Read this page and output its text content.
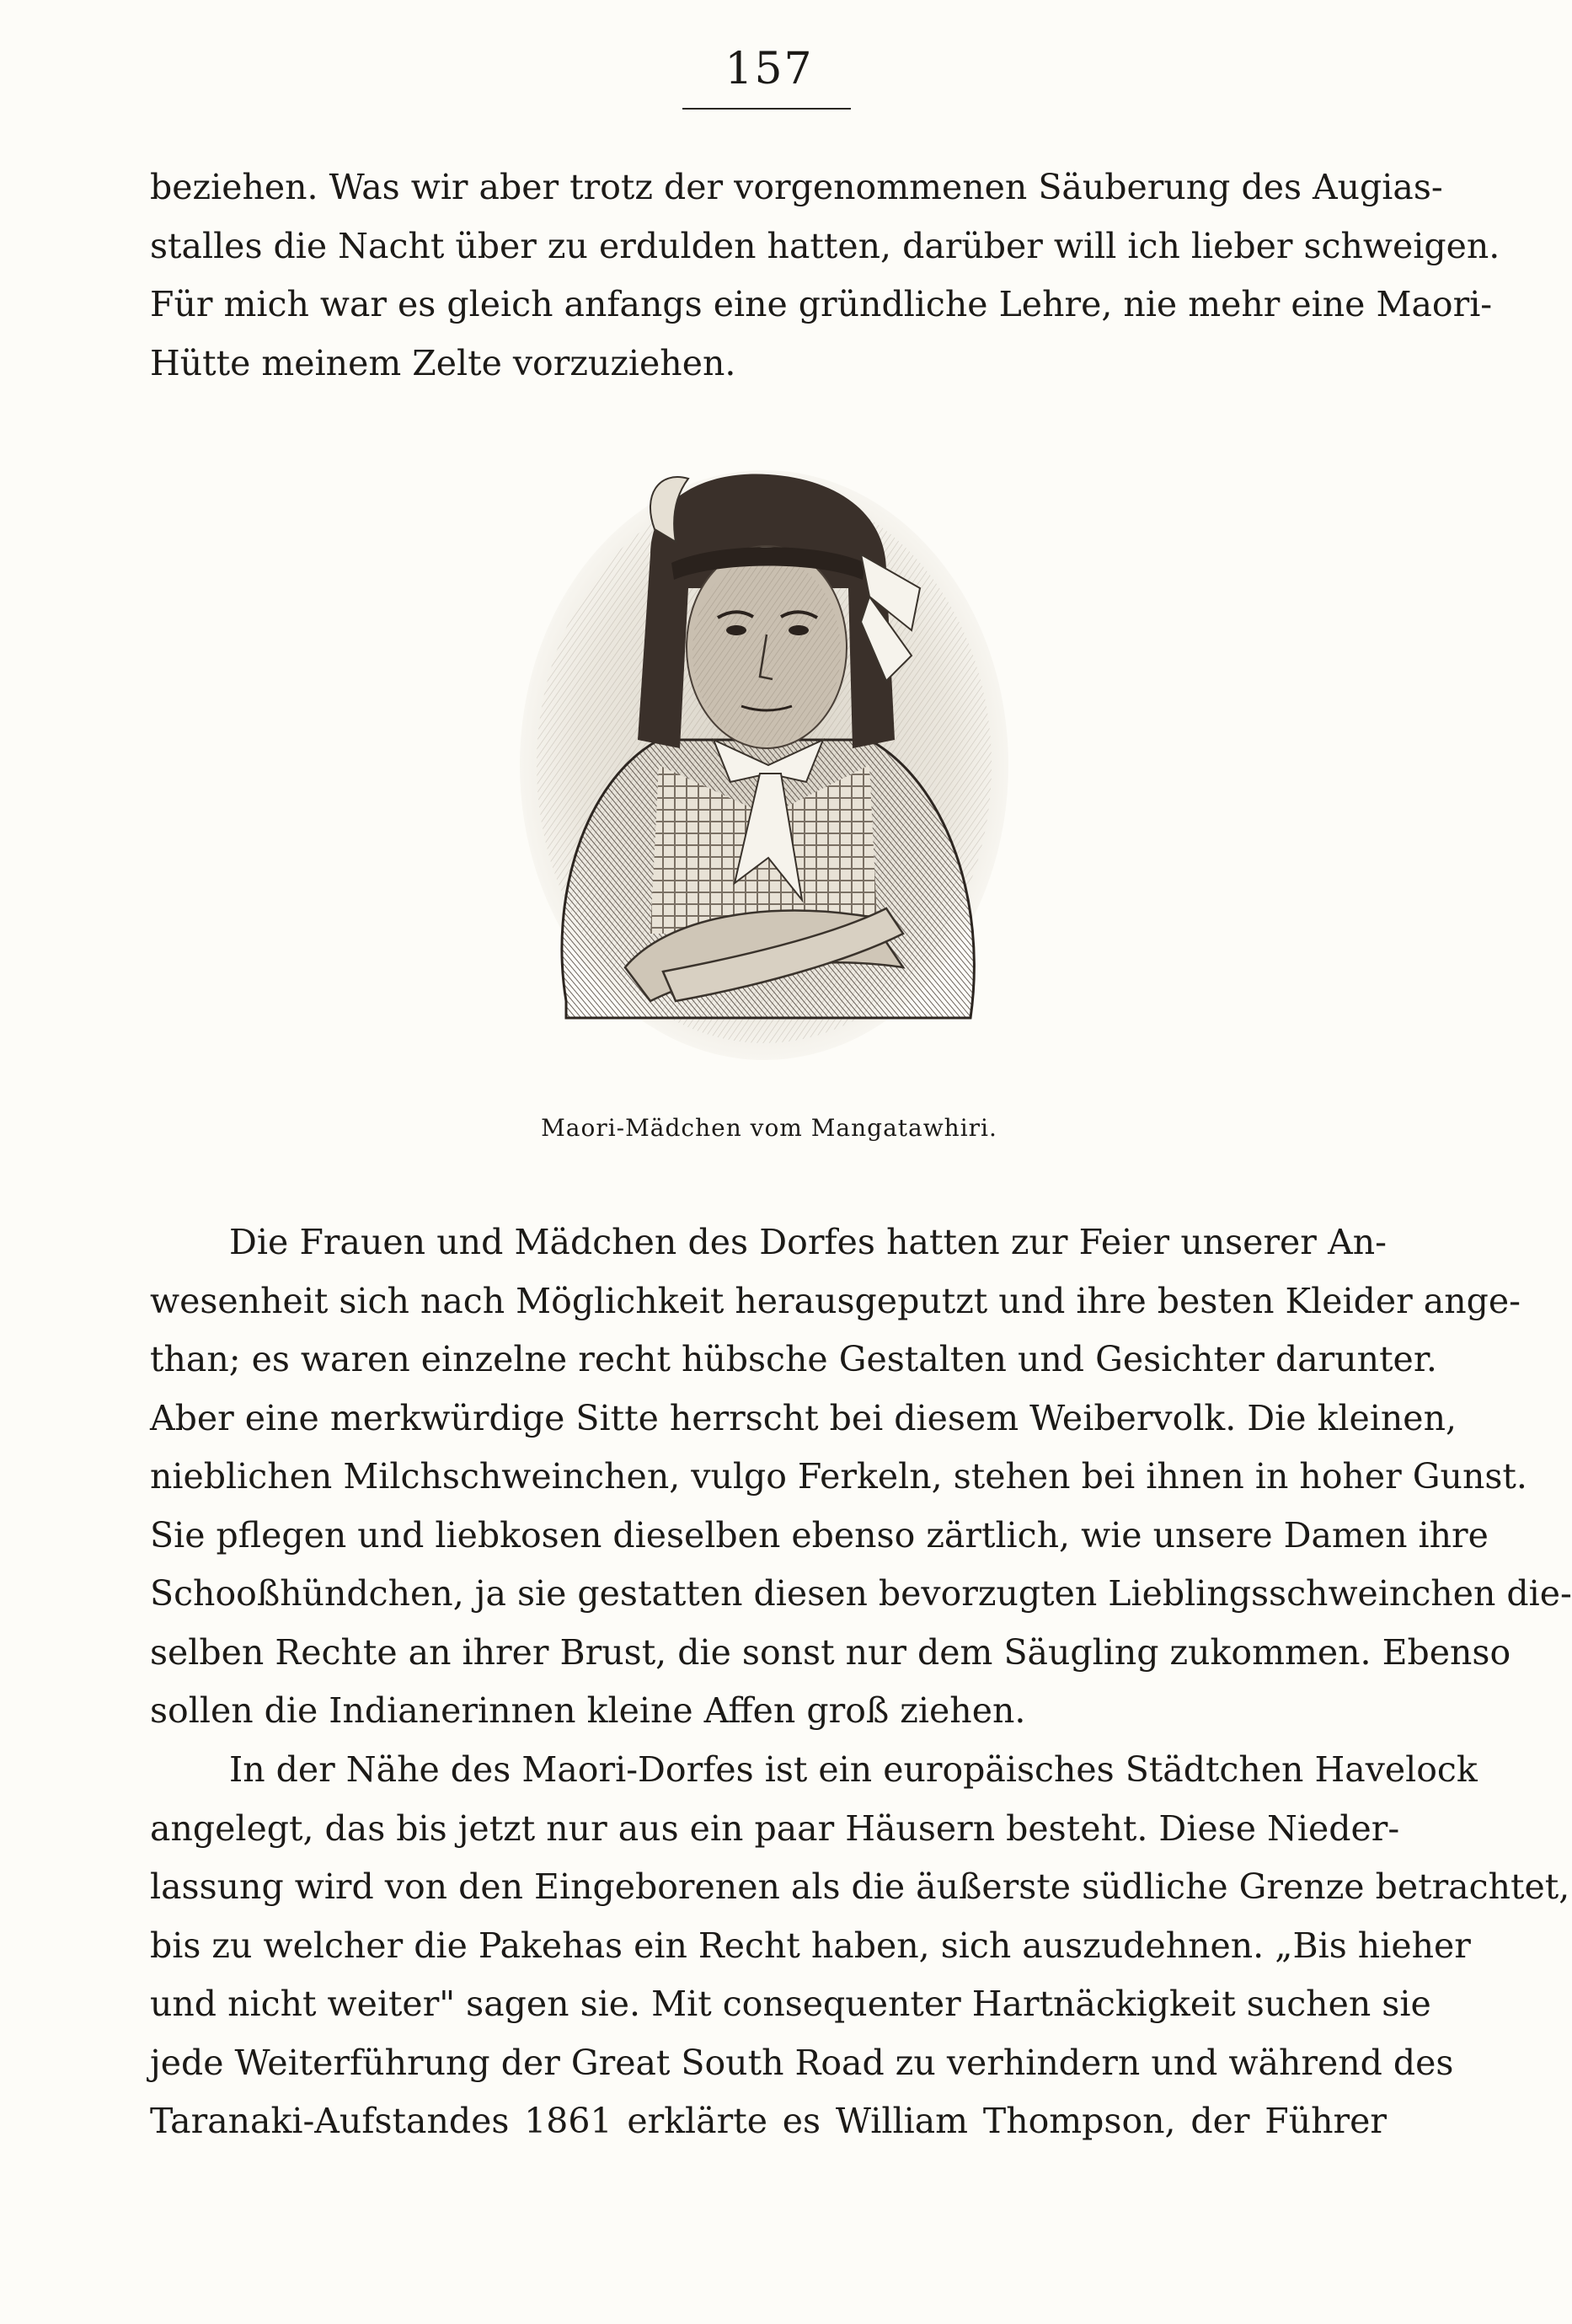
157

beziehen. Was wir aber trotz der vorgenommenen Säuberung des Augias-
stalles die Nacht über zu erdulden hatten, darüber will ich lieber schweigen.
Für mich war es gleich anfangs eine gründliche Lehre, nie mehr eine Maori-
Hütte meinem Zelte vorzuziehen.

Maori-Mädchen vom Mangatawhiri.

Die Frauen und Mädchen des Dorfes hatten zur Feier unserer An-
wesenheit sich nach Möglichkeit herausgeputzt und ihre besten Kleider ange-
than; es waren einzelne recht hübsche Gestalten und Gesichter darunter.
Aber eine merkwürdige Sitte herrscht bei diesem Weibervolk. Die kleinen,
nieblichen Milchschweinchen, vulgo Ferkeln, stehen bei ihnen in hoher Gunst.
Sie pflegen und liebkosen dieselben ebenso zärtlich, wie unsere Damen ihre
Schooßhündchen, ja sie gestatten diesen bevorzugten Lieblingsschweinchen die-
selben Rechte an ihrer Brust, die sonst nur dem Säugling zukommen. Ebenso
sollen die Indianerinnen kleine Affen groß ziehen.

In der Nähe des Maori-Dorfes ist ein europäisches Städtchen Havelock
angelegt, das bis jetzt nur aus ein paar Häusern besteht. Diese Nieder-
lassung wird von den Eingeborenen als die äußerste südliche Grenze betrachtet,
bis zu welcher die Pakehas ein Recht haben, sich auszudehnen. „Bis hieher
und nicht weiter" sagen sie. Mit consequenter Hartnäckigkeit suchen sie
jede Weiterführung der Great South Road zu verhindern und während des
Taranaki-Aufstandes 1861 erklärte es William Thompson, der Führer
